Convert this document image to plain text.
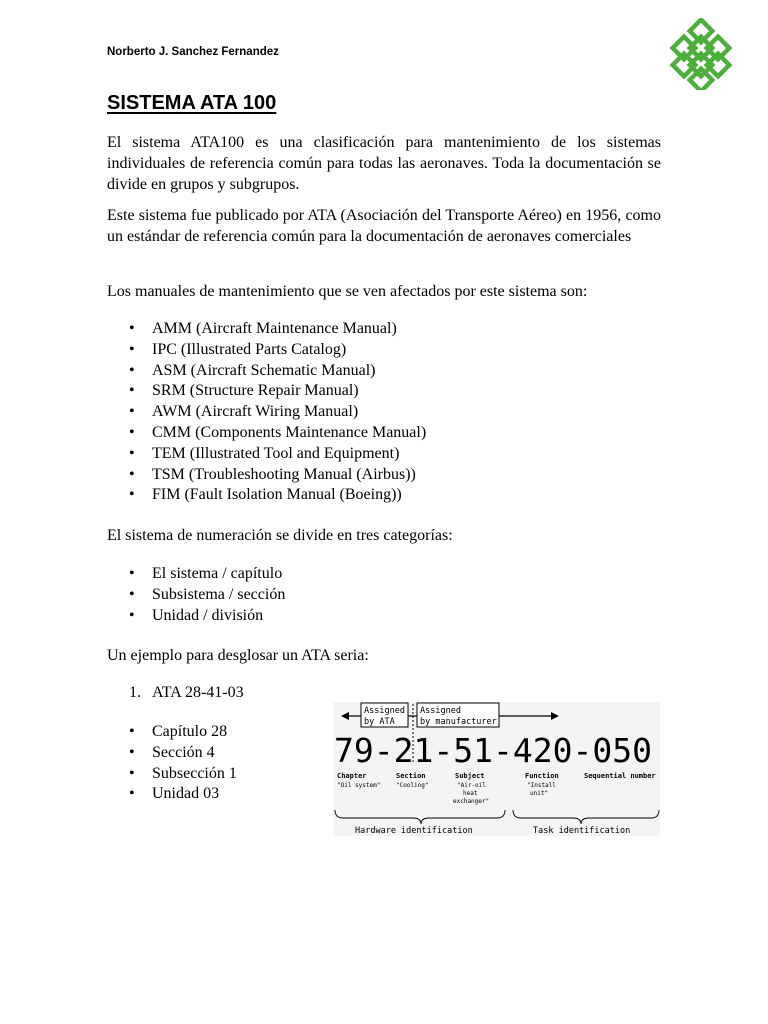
Norberto J. Sanchez Fernandez
SISTEMA ATA 100

El sistema ATA100 es una clasificación para mantenimiento de los sistemas individuales de referencia común para todas las aeronaves. Toda la documentación se divide en grupos y subgrupos.

Este sistema fue publicado por ATA (Asociación del Transporte Aéreo) en 1956, como un estándar de referencia común para la documentación de aeronaves comerciales

Los manuales de mantenimiento que se ven afectados por este sistema son:

• AMM (Aircraft Maintenance Manual)
• IPC (Illustrated Parts Catalog)
• ASM (Aircraft Schematic Manual)
• SRM (Structure Repair Manual)
• AWM (Aircraft Wiring Manual)
• CMM (Components Maintenance Manual)
• TEM (Illustrated Tool and Equipment)
• TSM (Troubleshooting Manual (Airbus))
• FIM (Fault Isolation Manual (Boeing))

El sistema de numeración se divide en tres categorías:

• El sistema / capítulo
• Subsistema / sección
• Unidad / división

Un ejemplo para desglosar un ATA seria:

1. ATA 28-41-03
• Capítulo 28
• Sección 4
• Subsección 1
• Unidad 03
Assigned
by ATA
Assigned
by manufacturer
79-21-51-420-050
Chapter
"Oil system"
Section
"Cooling"
Subject
"Air-oil
heat
exchanger"
Function
"Install
unit"
Sequential number
Hardware identification	Task identification
